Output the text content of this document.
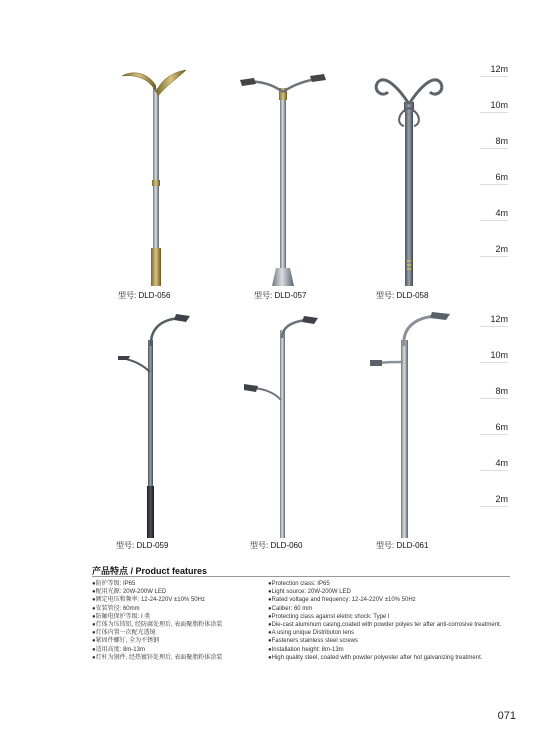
12m
10m
8m
6m
4m
2m
12m
10m
8m
6m
4m
2m
型号: DLD-056	型号: DLD-057	型号: DLD-058
型号: DLD-059	型号: DLD-060	型号: DLD-061
产品特点 / Product features
●防护等级: IP65
●配用光源: 20W-200W LED
●额定电压和频率: 12-24-220V ±10% 50Hz
●安装管径: 60mm
●防触电保护等级: I 类
●灯体为压铸铝, 经防腐处理后, 表面聚脂粉体涂装
●灯体内置一次配光透镜
●紧固件螺钉, 全为不锈钢
●适用高度: 8m-13m
●灯杆为钢件, 经热镀锌处理后, 表面聚脂粉体涂装
●Protection class: IP65
●Light source: 20W-200W LED
●Rated voltage and frequency: 12-24-220V ±10% 50Hz
●Caliber: 60 mm
●Protecting class against eletric shock: Type I
●Die-cast aluminum casing,coated with powder polyes ter after anti-corrosive treatment.
●A using unique Distributon lens
●Fasteners stainless steel screws
●Installation height: 8m-13m
●High quality steel, coated with powder polyester after hot galvanizing treatment.
071
